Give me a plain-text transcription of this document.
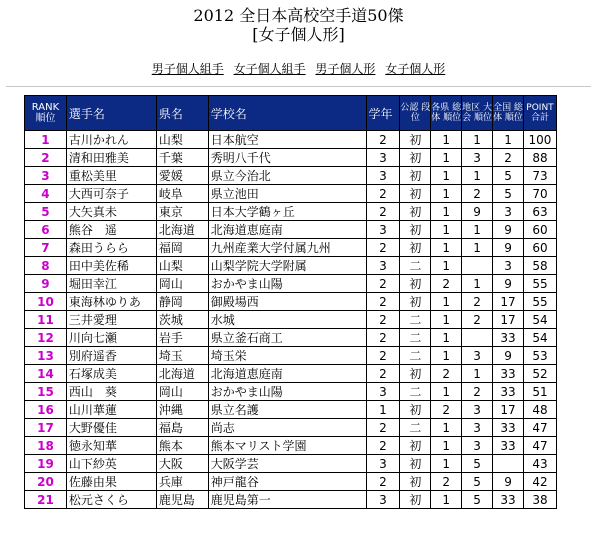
2012 全日本高校空手道50傑
[女子個人形]
男子個人組手 女子個人組手 男子個人形 女子個人形
RANK 順位	選手名	県名	学校名	学年	公認 段位	各県 総体 順位	地区 大会 順位	全国 総体 順位	POINT 合計
1	古川かれん	山梨	日本航空	2	初	1	1	1	100
2	清和田雅美	千葉	秀明八千代	3	初	1	3	2	88
3	重松美里	愛媛	県立今治北	3	初	1	1	5	73
4	大西可奈子	岐阜	県立池田	2	初	1	2	5	70
5	大矢真未	東京	日本大学鶴ヶ丘	2	初	1	9	3	63
6	熊谷　遥	北海道	北海道恵庭南	3	初	1	1	9	60
7	森田うらら	福岡	九州産業大学付属九州	2	初	1	1	9	60
8	田中美佐稀	山梨	山梨学院大学附属	3	二	1		3	58
9	堀田幸江	岡山	おかやま山陽	2	初	2	1	9	55
10	東海林ゆりあ	静岡	御殿場西	2	初	1	2	17	55
11	三井愛理	茨城	水城	2	二	1	2	17	54
12	川向七瀬	岩手	県立釜石商工	2	二	1		33	54
13	別府遥香	埼玉	埼玉栄	2	二	1	3	9	53
14	石塚成美	北海道	北海道恵庭南	2	初	2	1	33	52
15	西山　葵	岡山	おかやま山陽	3	二	1	2	33	51
16	山川華蓮	沖縄	県立名護	1	初	2	3	17	48
17	大野優佳	福島	尚志	2	二	1	3	33	47
18	徳永知華	熊本	熊本マリスト学園	2	初	1	3	33	47
19	山下紗英	大阪	大阪学芸	3	初	1	5		43
20	佐藤由果	兵庫	神戸龍谷	2	初	2	5	9	42
21	松元さくら	鹿児島	鹿児島第一	3	初	1	5	33	38
